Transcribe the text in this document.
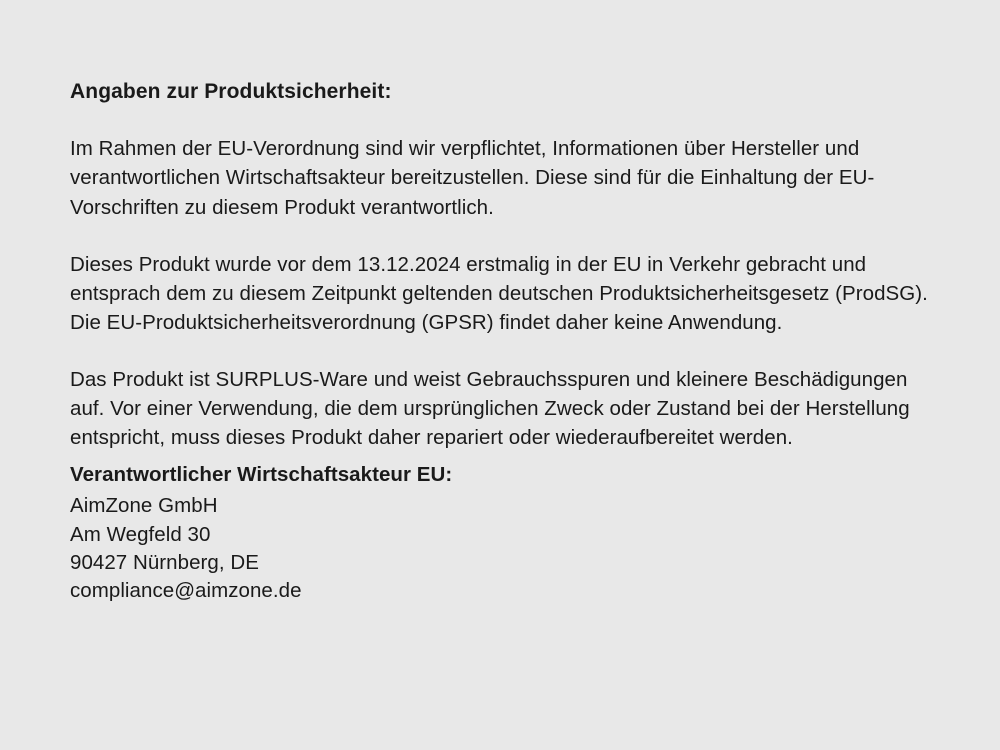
Angaben zur Produktsicherheit:

Im Rahmen der EU-Verordnung sind wir verpflichtet, Informationen über Hersteller und verantwortlichen Wirtschaftsakteur bereitzustellen. Diese sind für die Einhaltung der EU-Vorschriften zu diesem Produkt verantwortlich.

Dieses Produkt wurde vor dem 13.12.2024 erstmalig in der EU in Verkehr gebracht und entsprach dem zu diesem Zeitpunkt geltenden deutschen Produktsicherheitsgesetz (ProdSG). Die EU-Produktsicherheitsverordnung (GPSR) findet daher keine Anwendung.

Das Produkt ist SURPLUS-Ware und weist Gebrauchsspuren und kleinere Beschädigungen auf. Vor einer Verwendung, die dem ursprünglichen Zweck oder Zustand bei der Herstellung entspricht, muss dieses Produkt daher repariert oder wiederaufbereitet werden.

Verantwortlicher Wirtschaftsakteur EU:

AimZone GmbH

Am Wegfeld 30

90427 Nürnberg, DE

compliance@aimzone.de
